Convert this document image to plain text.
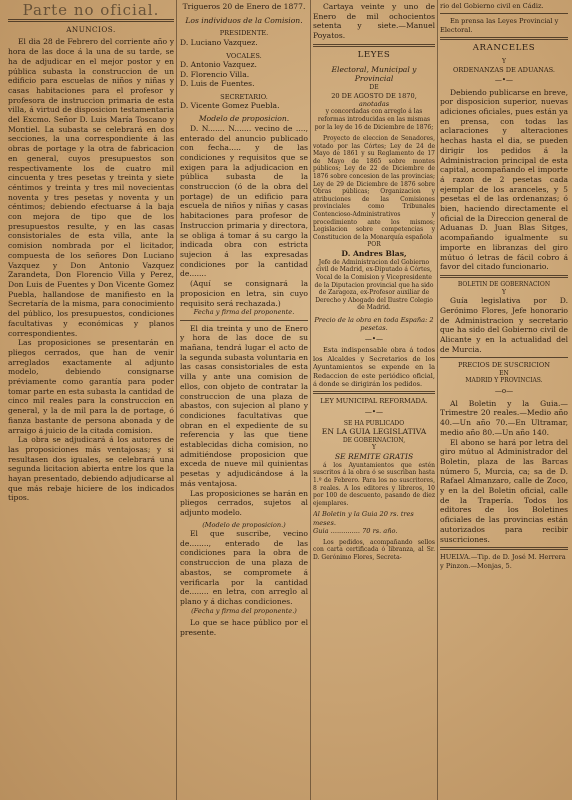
Parte no oficial.
ANUNCIOS.

El dia 28 de Febrero del corriente año y hora de las doce á la una de su tarde, se ha de adjudicar en el mejor postor y en pública subasta la construccion de un edificio para escuelas de niños y niñas y casas habitaciones para el profesor y profesora de instruccion primaria de esta villa, á virtud de disposicion testamentaria del Excmo. Señor D. Luis María Toscano y Montiel. La subasta se celebrará en dos secciones, la una correspondiente á las obras de portage y la otra de fabricacion en general, cuyos presupuestos son respectivamente los de cuatro mil cincuenta y tres pesetas y treinta y siete céntimos y treinta y tres mil novecientas noventa y tres pesetas y noventa y un céntimos; debiendo efectuarse á la baja con mejora de tipo que de los presupuestos resulte, y en las casas consistoriales de esta villa, ante la comision nombrada por el licitador, compuesta de los señores Don Luciano Vazquez y Don Antonio Vazquez Zarandeta, Don Florencio Villa y Perez, Don Luis de Fuentes y Don Vicente Gomez Puebla, hallandose de manifiesto en la Secretaría de la misma, para conocimiento del público, los presupuestos, condiciones facultativas y económicas y planos correspondientes.

Las proposiciones se presentarán en pliegos cerrados, que han de venir arreglados exactamente al adjunto modelo, debiendo consignarse préviamente como garantía para poder tomar parte en esta subasta la cantidad de cinco mil reales para la construccion en general, y la de mil para la de portage, ó fianza bastante de persona abonada y de arraigo á juicio de la citada comision.

La obra se adjudicará á los autores de las proposiciones más ventajosas; y si resultasen dos iguales, se celebrará una segunda licitacion abierta entre los que la hayan presentado, debiendo adjudicarse al que más rebaje hiciere de los indicados tipos.

Trigueros 20 de Enero de 1877.

Los individuos de la Comision.

PRESIDENTE.

D. Luciano Vazquez.

VOCALES.

D. Antonio Vazquez.

D. Florencio Villa.

D. Luis de Fuentes.

SECRETARIO.

D. Vicente Gomez Puebla.

Modelo de proposicion.

D. N....... N....... vecino de ...., enterado del anuncio publicado con fecha..... y de las condiciones y requisitos que se exigen para la adjudicacion en pública subasta de la construccion (ó de la obra del portage) de un edificio para escuela de niños y niñas y casas habitaciones para profesor de Instruccion primaria y directora, se obliga á tomar á su cargo la indicada obra con estricta sujecion á las expresadas condiciones por la cantidad de.......

(Aquí se consignará la proposicion en letra, sin cuyo requisito será rechazada.)

Fecha y firma del proponente.

El dia treinta y uno de Enero y hora de las doce de su mañana, tendrá lugar el acto de la segunda subasta voluntaria en las casas consistoriales de esta villa y ante una comision de ellos, con objeto de contratar la construccion de una plaza de abastos, con sujecion al plano y condiciones facultativas que obran en el expediente de su referencia y las que tiene establecidas dicha comision, no admitiéndose proposicion que exceda de nueve mil quinientas pesetas y adjudicándose á la más ventajosa.

Las proposiciones se harán en pliegos cerrados, sujetos al adjunto modelo.

(Modelo de proposicion.)

El que suscribe, vecino de........, enterado de las condiciones para la obra de construccion de una plaza de abastos, se compromete á verificarla por la cantidad de........ en letra, con arreglo al plano y á dichas condiciones.

(Fecha y firma del proponente.)

Lo que se hace público por el presente.

Cartaya veinte y uno de Enero de mil ochocientos setenta y siete.—Manuel Poyatos.

LEYES

Electoral, Municipal y Provincial

DE

20 DE AGOSTO DE 1870,

anotadas

y concordadas con arreglo á las reformas introducidas en las mismas por la ley de 16 de Diciembre de 1876;

Proyecto de eleccion de Senadores, votado por las Córtes; Ley de 24 de Mayo de 1861 y su Reglamento de 17 de Mayo de 1865 sobre montes públicos; Ley de 22 de Diciembre de 1876 sobre concesion de las provincias; Ley de 29 de Diciembre de 1876 sobre Obras públicas; Organizacion y atribuciones de las Comisiones provinciales como Tribunales Contencioso-Administrativos y procedimiento ante los mismos; Legislacion sobre competencias y Constitucion de la Monarquía española

POR

D. Andres Blas,

Jefe de Administracion del Gobierno civil de Madrid, ex-Diputado á Córtes, Vocal de la Comision y Vicepresidente de la Diputacion provincial que ha sido de Zaragoza, ex-Profesor auxiliar de Derecho y Abogado del Ilustre Colegio de Madrid.

Precio de la obra en toda España: 2 pesetas.

—•—

Esta indispensable obra á todos los Alcaldes y Secretarios de los Ayuntamientos se expende en la Redaccion de este periódico oficial, á donde se dirigirán los pedidos.

LEY MUNICIPAL REFORMADA.

—•—

SE HA PUBLICADO

EN LA GUIA LEGISLATIVA

DE GOBERNACION,

Y

SE REMITE GRATIS

á los Ayuntamientos que estén suscritos á la obra ó se suscriban hasta 1.º de Febrero. Para los no suscritores, 8 reales. A los editores y libreros, 10 por 100 de descuento, pasando de diez ejemplares.

Al Boletin y la Guia 20 rs. tres meses.

Guia .............. 70 rs. año.

Los pedidos, acompañando sellos con carta certificada ó libranza, al Sr. D. Gerónimo Flores, Secreta-

rio del Gobierno civil en Cádiz.

En prensa las Leyes Provincial y Electoral.

ARANCELES

Y

ORDENANZAS DE ADUANAS.

—•—

Debiendo publicarse en breve, por disposicion superior, nuevas adiciones oficiales, pues están ya en prensa, con todas las aclaraciones y alteraciones hechas hasta el dia, se pueden dirigir los pedidos á la Administracion principal de esta capital, acompañando el importe á razon de 2 pesetas cada ejemplar de los aranceles, y 5 pesetas el de las ordenanzas; ó bien, haciendo directamente el oficial de la Direccion general de Aduanas D. Juan Blas Sitges, acompañando igualmente su importe en libranzas del giro mútuo ó letras de fácil cobro á favor del citado funcionario.

BOLETIN DE GOBERNACION

Y

Guía legislativa por D. Gerónimo Flores, Jefe honorario de Administracion y secretario que ha sido del Gobierno civil de Alicante y en la actualidad del de Murcia.

PRECIOS DE SUSCRICION

EN

MADRID Y PROVINCIAS.

—o—

Al Boletin y la Guia.—Trimestre 20 reales.—Medio año 40.—Un año 70.—En Ultramar, medio año 80.—Un año 140.

El abono se hará por letra del giro mútuo al Administrador del Boletin, plaza de las Barcas número 5, Murcia, ca; sa de D. Rafael Almanzaro, calle de Zoco, y en la del Boletin oficial, calle de la Trapería. Todos los editores de los Boletines oficiales de las provincias están autorizados para recibir suscriciones.

HUELVA.—Tip. de D. José M. Herrera y Pinzon.—Monjas, 5.
